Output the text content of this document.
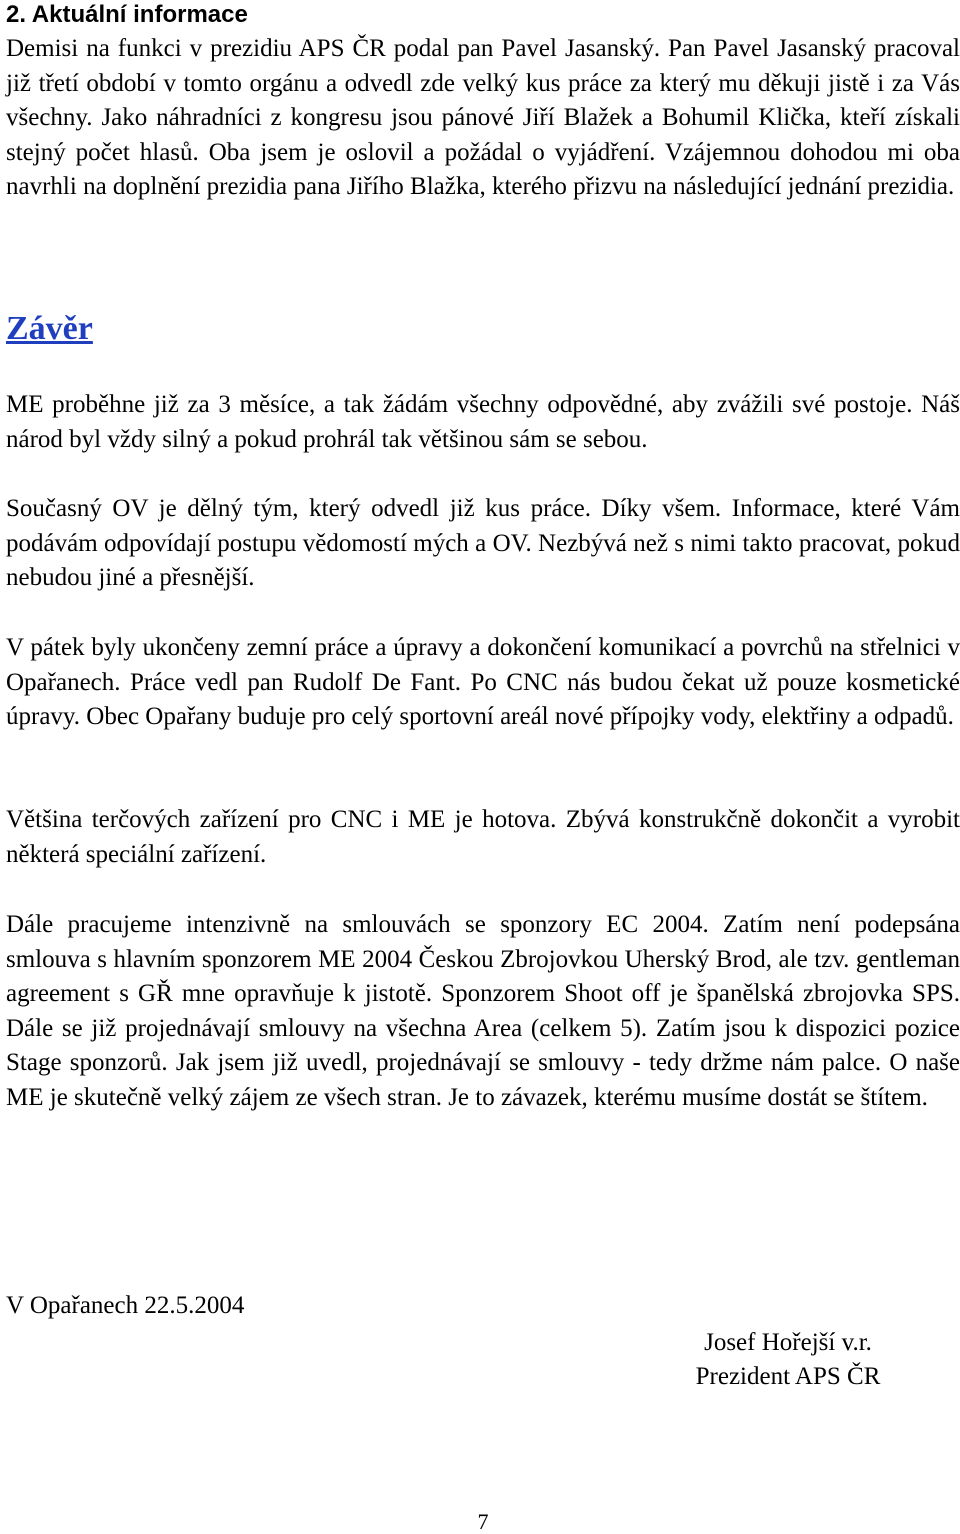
2. Aktuální informace

Demisi na funkci v prezidiu APS ČR podal pan Pavel Jasanský. Pan Pavel Jasanský pracoval již třetí období v tomto orgánu a odvedl zde velký kus práce za který mu děkuji jistě i za Vás všechny. Jako náhradníci z kongresu jsou pánové Jiří Blažek a Bohumil Klička, kteří získali stejný počet hlasů. Oba jsem je oslovil a požádal o vyjádření. Vzájemnou dohodou mi oba navrhli na doplnění prezidia pana Jiřího Blažka, kterého přizvu na následující jednání prezidia.

Závěr

ME proběhne již za 3 měsíce, a tak žádám všechny odpovědné, aby zvážili své postoje. Náš národ byl vždy silný a pokud prohrál tak většinou sám se sebou.

Současný OV je dělný tým, který odvedl již kus práce. Díky všem. Informace, které Vám podávám odpovídají postupu vědomostí mých a OV. Nezbývá než s nimi takto pracovat, pokud nebudou jiné a přesnější.

V pátek byly ukončeny zemní práce a úpravy a dokončení komunikací a povrchů na střelnici v Opařanech. Práce vedl pan Rudolf De Fant. Po CNC nás budou čekat už pouze kosmetické úpravy. Obec Opařany buduje pro celý sportovní areál nové přípojky vody, elektřiny a odpadů.

Většina terčových zařízení pro CNC i ME je hotova. Zbývá konstrukčně dokončit a vyrobit některá speciální zařízení.

Dále pracujeme intenzivně na smlouvách se sponzory EC 2004. Zatím není podepsána smlouva s hlavním sponzorem ME 2004 Českou Zbrojovkou Uherský Brod, ale tzv. gentleman agreement s GŘ mne opravňuje k jistotě. Sponzorem Shoot off je španělská zbrojovka SPS. Dále se již projednávají smlouvy na všechna Area (celkem 5). Zatím jsou k dispozici pozice Stage sponzorů. Jak jsem již uvedl, projednávají se smlouvy - tedy držme nám palce. O naše ME je skutečně velký zájem ze všech stran. Je to závazek, kterému musíme dostát se štítem.

V Opařanech 22.5.2004

Josef Hořejší v.r.
Prezident APS ČR
7
